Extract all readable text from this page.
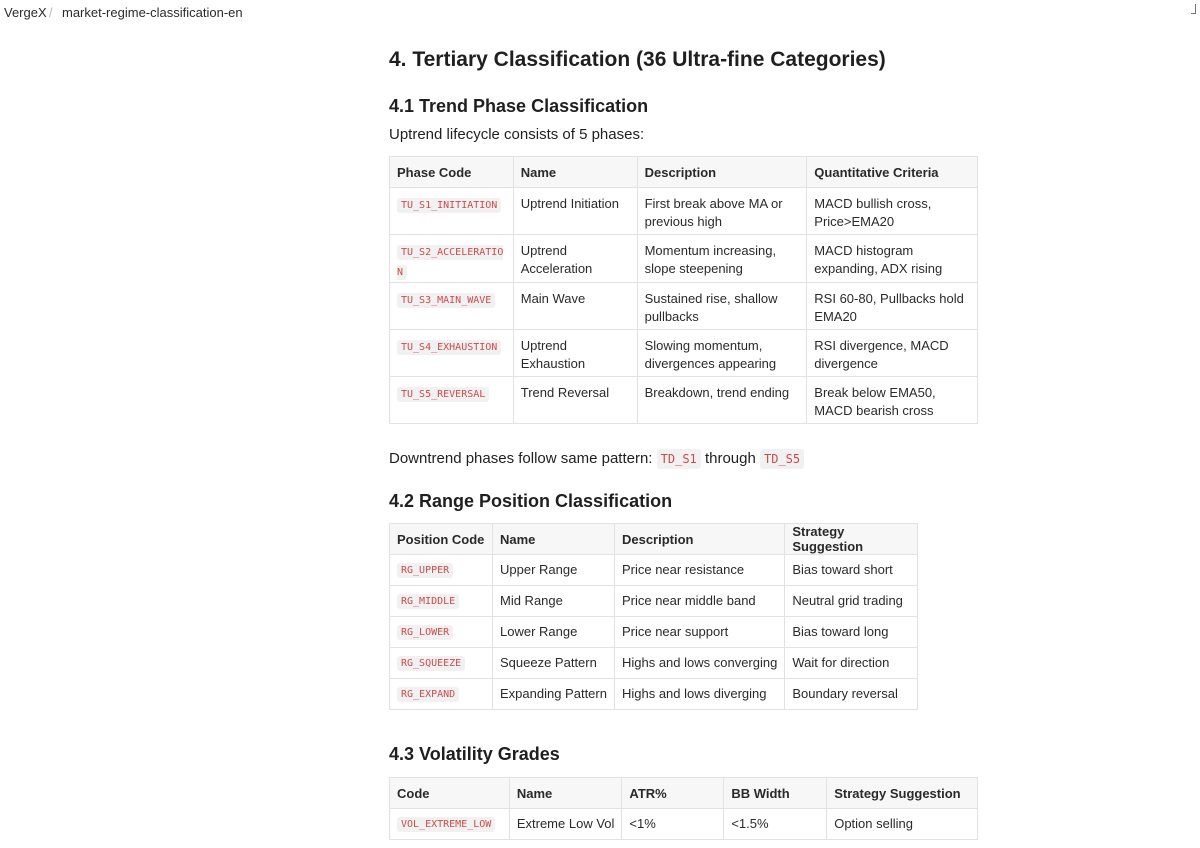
VergeX / market-regime-classification-en
4. Tertiary Classification (36 Ultra-fine Categories)
4.1 Trend Phase Classification

Uptrend lifecycle consists of 5 phases:

Phase Code	Name	Description	Quantitative Criteria
TU_S1_INITIATION	Uptrend Initiation	First break above MA or previous high	MACD bullish cross, Price>EMA20
TU_S2_ACCELERATION	Uptrend Acceleration	Momentum increasing, slope steepening	MACD histogram expanding, ADX rising
TU_S3_MAIN_WAVE	Main Wave	Sustained rise, shallow pullbacks	RSI 60-80, Pullbacks hold EMA20
TU_S4_EXHAUSTION	Uptrend Exhaustion	Slowing momentum, divergences appearing	RSI divergence, MACD divergence
TU_S5_REVERSAL	Trend Reversal	Breakdown, trend ending	Break below EMA50, MACD bearish cross

Downtrend phases follow same pattern: TD_S1 through TD_S5

4.2 Range Position Classification
Position Code	Name	Description	Strategy Suggestion
RG_UPPER	Upper Range	Price near resistance	Bias toward short
RG_MIDDLE	Mid Range	Price near middle band	Neutral grid trading
RG_LOWER	Lower Range	Price near support	Bias toward long
RG_SQUEEZE	Squeeze Pattern	Highs and lows converging	Wait for direction
RG_EXPAND	Expanding Pattern	Highs and lows diverging	Boundary reversal
4.3 Volatility Grades
Code	Name	ATR%	BB Width	Strategy Suggestion
VOL_EXTREME_LOW	Extreme Low Vol	<1%	<1.5%	Option selling
